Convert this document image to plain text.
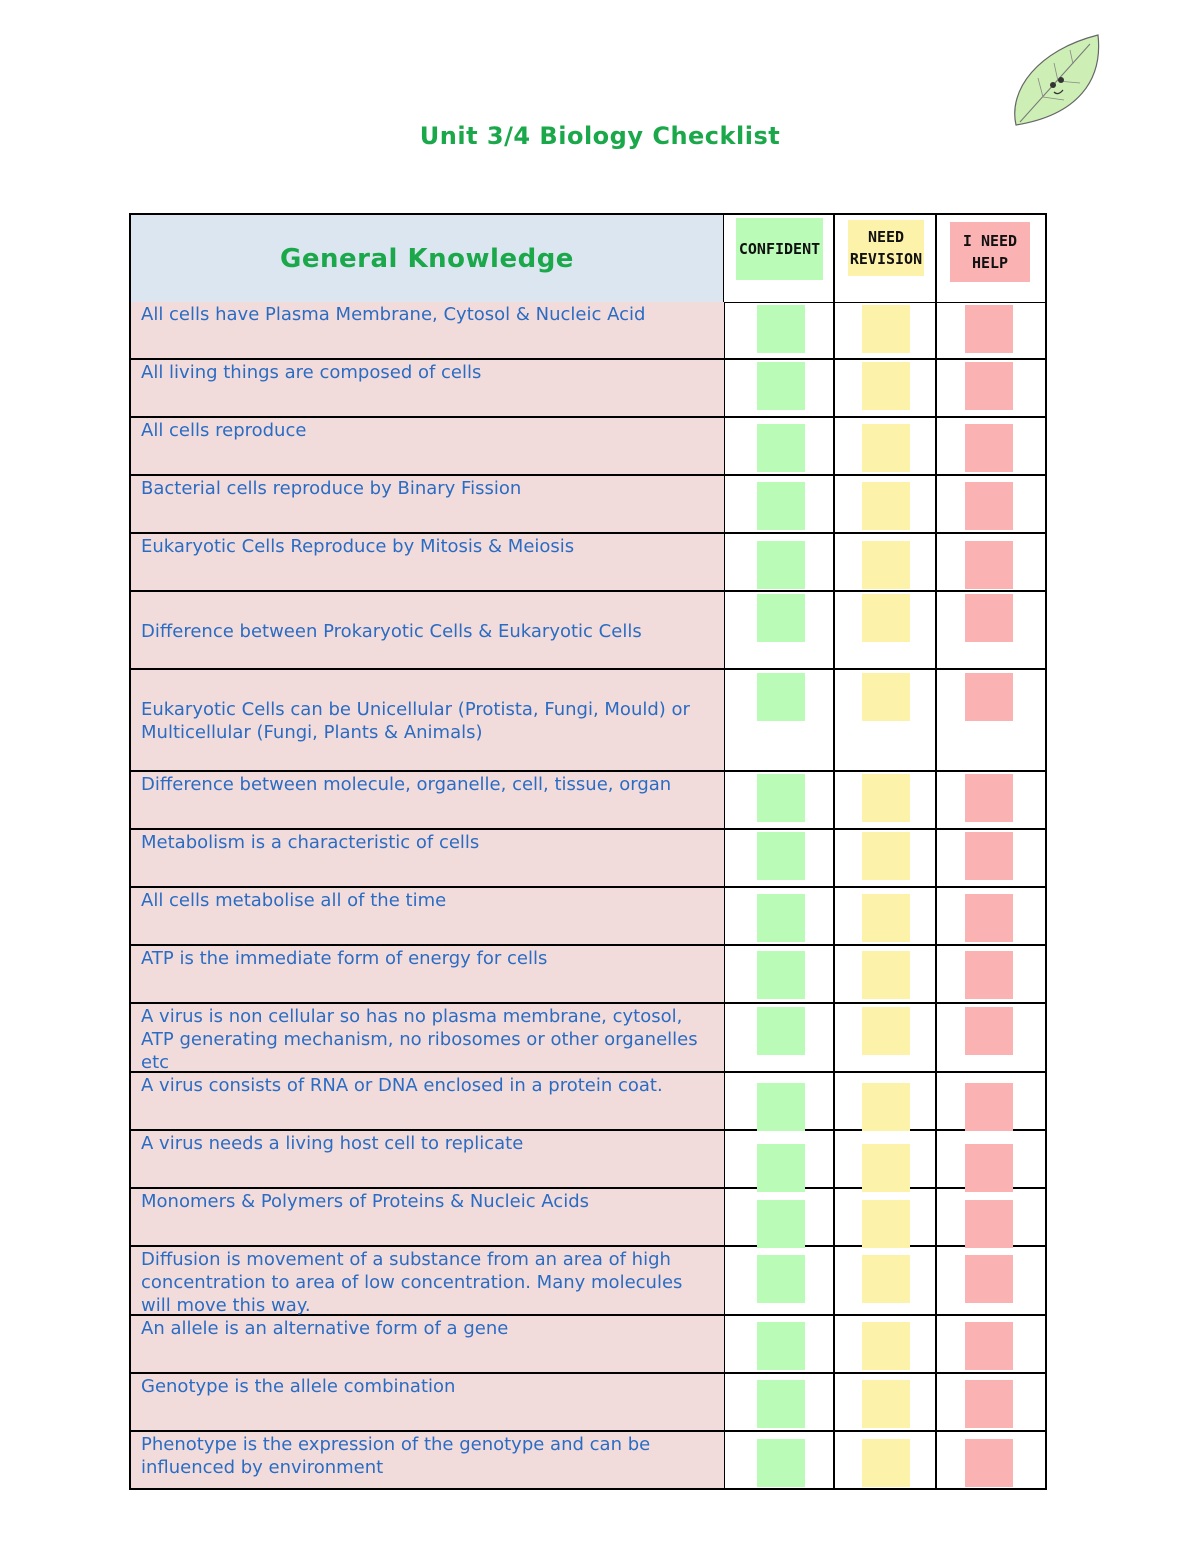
Unit 3/4 Biology Checklist
General Knowledge	CONFIDENT
NEED
REVISION
I NEED
HELP
All cells have Plasma Membrane, Cytosol & Nucleic Acid
All living things are composed of cells
All cells reproduce
Bacterial cells reproduce by Binary Fission
Eukaryotic Cells Reproduce by Mitosis & Meiosis
Difference between Prokaryotic Cells & Eukaryotic Cells
Eukaryotic Cells can be Unicellular (Protista, Fungi, Mould) or Multicellular (Fungi, Plants & Animals)
Difference between molecule, organelle, cell, tissue, organ
Metabolism is a characteristic of cells
All cells metabolise all of the time
ATP is the immediate form of energy for cells
A virus is non cellular so has no plasma membrane, cytosol, ATP generating mechanism, no ribosomes or other organelles etc
A virus consists of RNA or DNA enclosed in a protein coat.
A virus needs a living host cell to replicate
Monomers & Polymers of Proteins & Nucleic Acids
Diffusion is movement of a substance from an area of high concentration to area of low concentration. Many molecules will move this way.
An allele is an alternative form of a gene
Genotype is the allele combination
Phenotype is the expression of the genotype and can be influenced by environment
